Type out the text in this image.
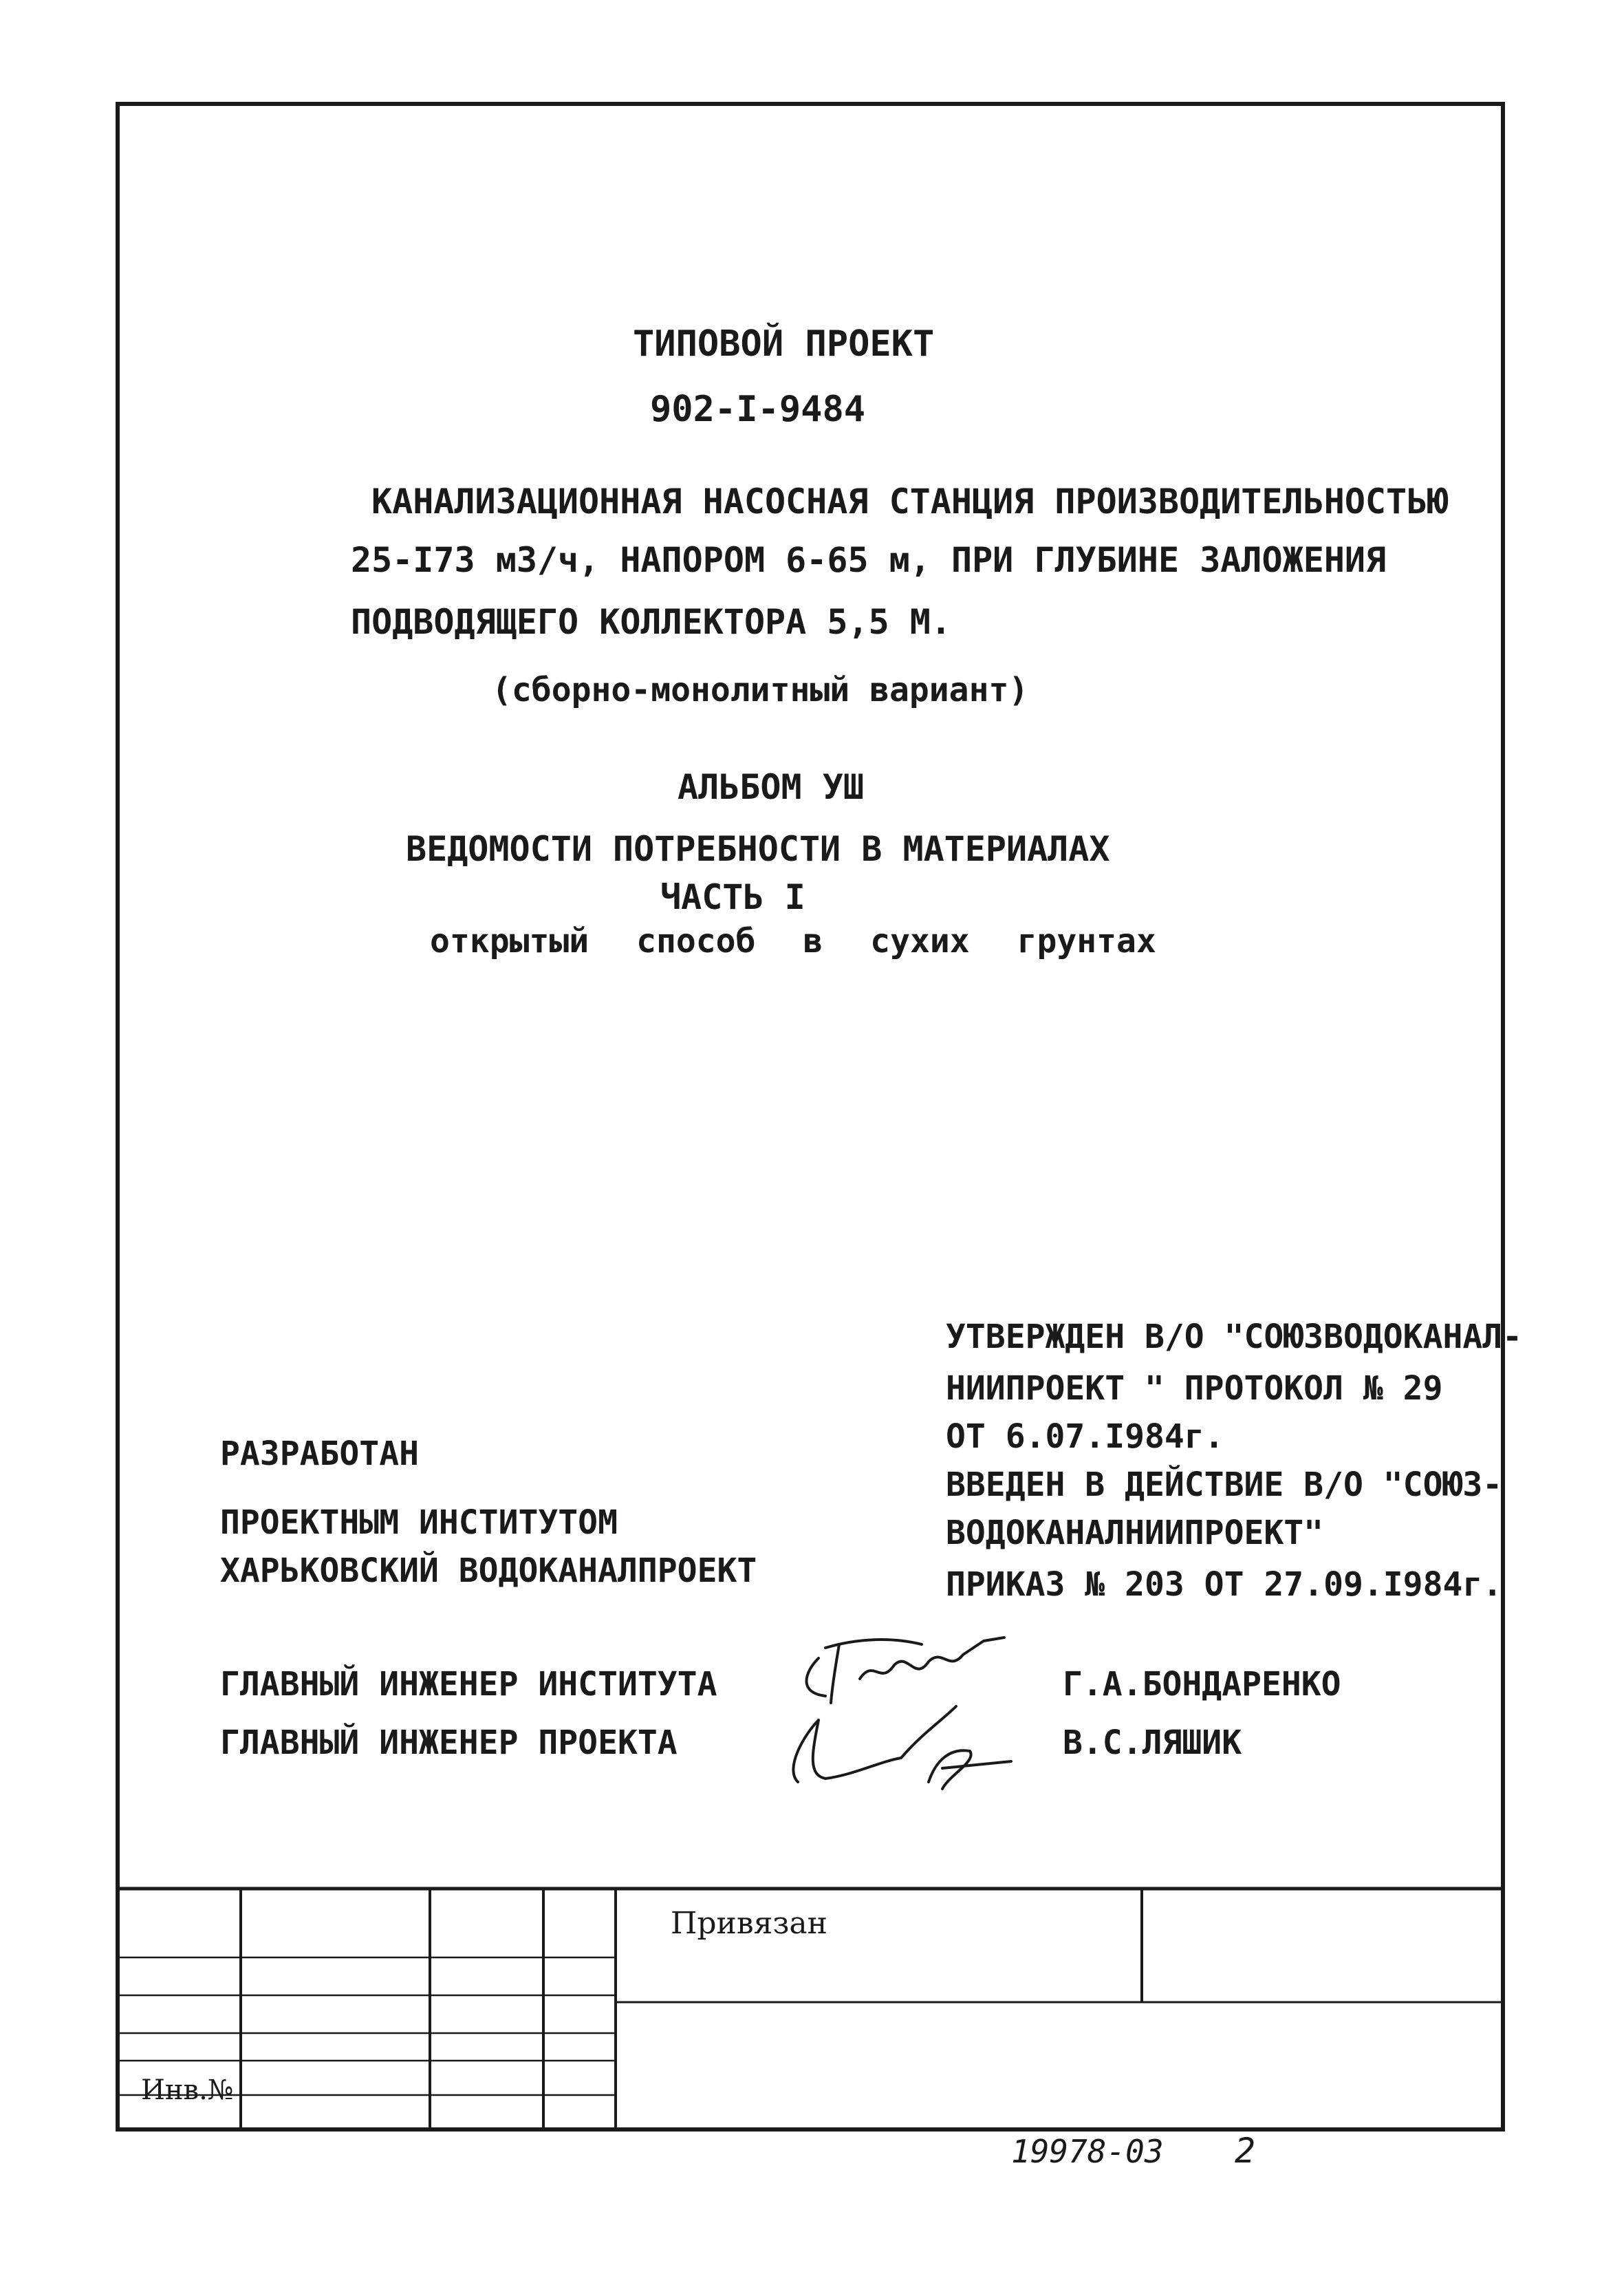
ТИПОВОЙ ПРОЕКТ
902-I-9484
КАНАЛИЗАЦИОННАЯ НАСОСНАЯ СТАНЦИЯ ПРОИЗВОДИТЕЛЬНОСТЬЮ
25-I73 м3/ч, НАПОРОМ 6-65 м, ПРИ ГЛУБИНЕ ЗАЛОЖЕНИЯ
ПОДВОДЯЩЕГО КОЛЛЕКТОРА 5,5 М.
(сборно-монолитный вариант)
АЛЬБОМ УШ
ВЕДОМОСТИ ПОТРЕБНОСТИ В МАТЕРИАЛАХ
ЧАСТЬ I
открытый способ в сухих грунтах
УТВЕРЖДЕН В/О "СОЮЗВОДОКАНАЛ-
НИИПРОЕКТ " ПРОТОКОЛ № 29
ОТ 6.07.I984г.
ВВЕДЕН В ДЕЙСТВИЕ В/О "СОЮЗ-
ВОДОКАНАЛНИИПРОЕКТ"
ПРИКАЗ № 203 ОТ 27.09.I984г.
РАЗРАБОТАН
ПРОЕКТНЫМ ИНСТИТУТОМ
ХАРЬКОВСКИЙ ВОДОКАНАЛПРОЕКТ
ГЛАВНЫЙ ИНЖЕНЕР ИНСТИТУТА	Г.А.БОНДАРЕНКО
ГЛАВНЫЙ ИНЖЕНЕР ПРОЕКТА	В.С.ЛЯШИК
Привязан
Инв.№
19978-03 2
